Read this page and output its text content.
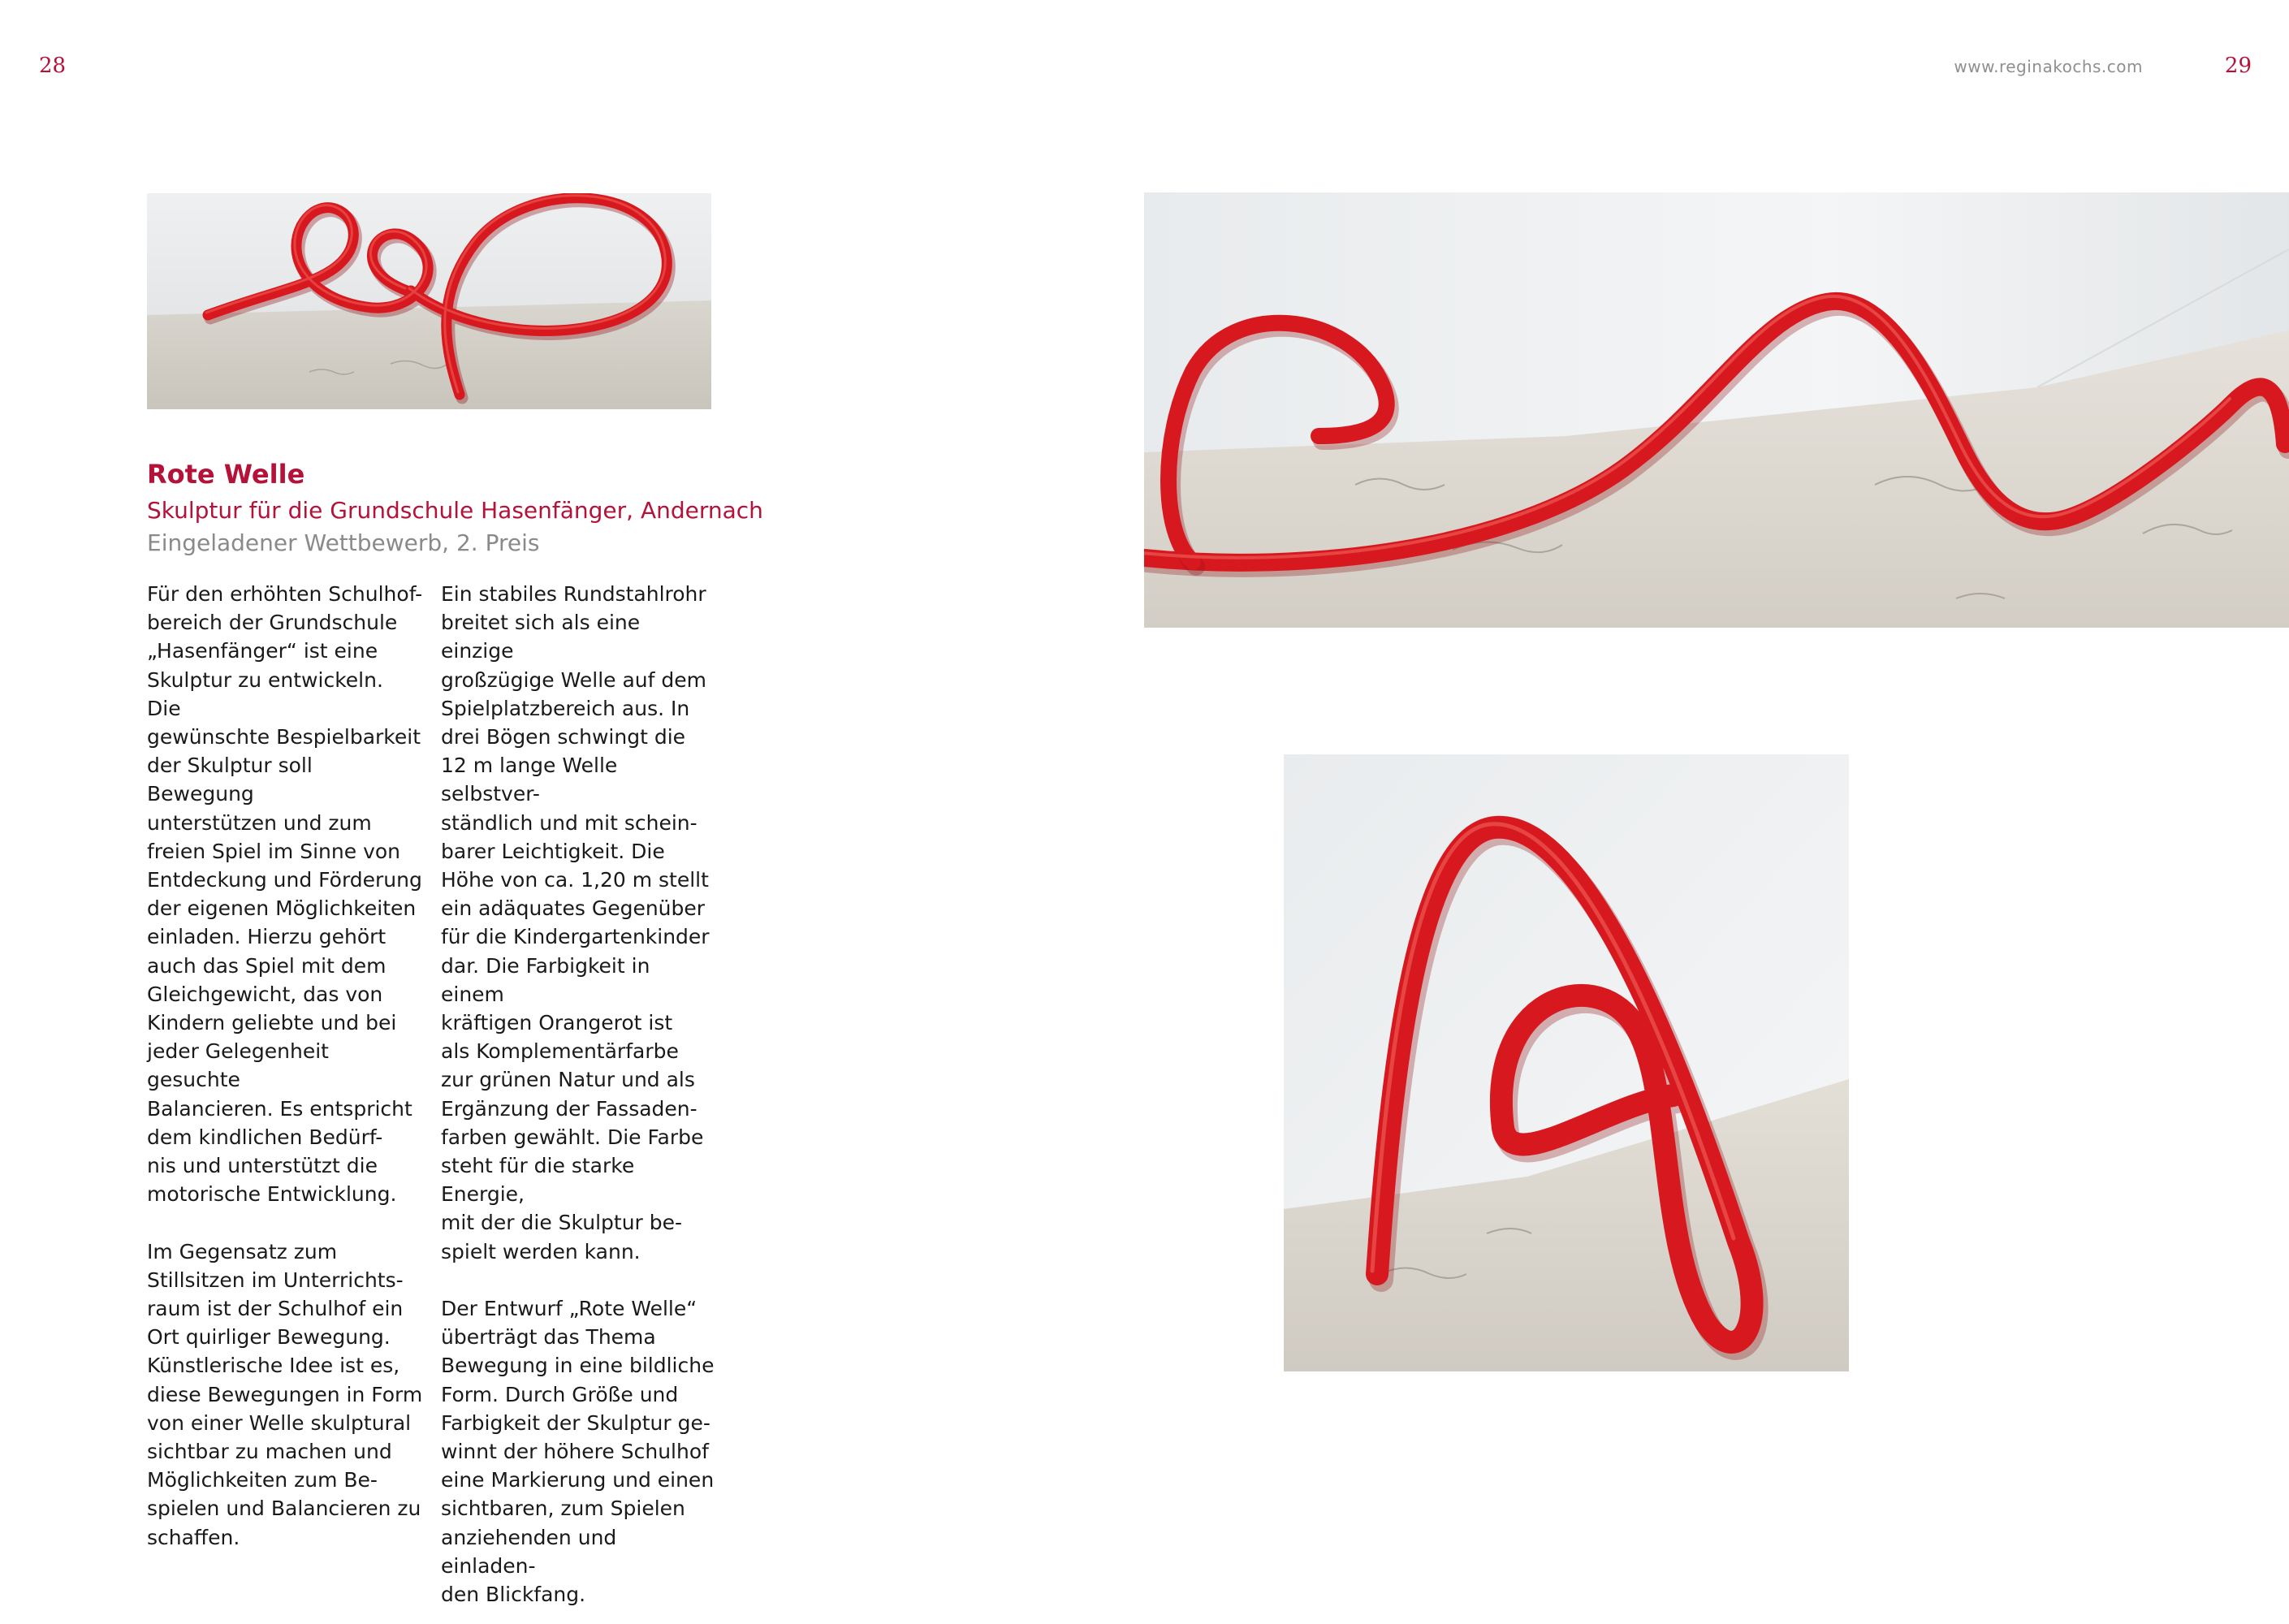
28	www.reginakochs.com	29
Rote Welle
Skulptur für die Grundschule Hasenfänger, Andernach
Eingeladener Wettbewerb, 2. Preis

Für den erhöhten Schulhof-
bereich der Grundschule
„Hasenfänger“ ist eine
Skulptur zu entwickeln. Die
gewünschte Bespielbarkeit
der Skulptur soll Bewegung
unterstützen und zum
freien Spiel im Sinne von
Entdeckung und Förderung
der eigenen Möglichkeiten
einladen. Hierzu gehört
auch das Spiel mit dem
Gleichgewicht, das von
Kindern geliebte und bei
jeder Gelegenheit gesuchte
Balancieren. Es entspricht
dem kindlichen Bedürf-
nis und unterstützt die
motorische Entwicklung.

Im Gegensatz zum
Stillsitzen im Unterrichts-
raum ist der Schulhof ein
Ort quirliger Bewegung.
Künstlerische Idee ist es,
diese Bewegungen in Form
von einer Welle skulptural
sichtbar zu machen und
Möglichkeiten zum Be-
spielen und Balancieren zu
schaffen.

Ein stabiles Rundstahlrohr
breitet sich als eine einzige
großzügige Welle auf dem
Spielplatzbereich aus. In
drei Bögen schwingt die
12 m lange Welle selbstver-
ständlich und mit schein-
barer Leichtigkeit. Die
Höhe von ca. 1,20 m stellt
ein adäquates Gegenüber
für die Kindergartenkinder
dar. Die Farbigkeit in einem
kräftigen Orangerot ist
als Komplementärfarbe
zur grünen Natur und als
Ergänzung der Fassaden-
farben gewählt. Die Farbe
steht für die starke Energie,
mit der die Skulptur be-
spielt werden kann.

Der Entwurf „Rote Welle“
überträgt das Thema
Bewegung in eine bildliche
Form. Durch Größe und
Farbigkeit der Skulptur ge-
winnt der höhere Schulhof
eine Markierung und einen
sichtbaren, zum Spielen
anziehenden und einladen-
den Blickfang.
